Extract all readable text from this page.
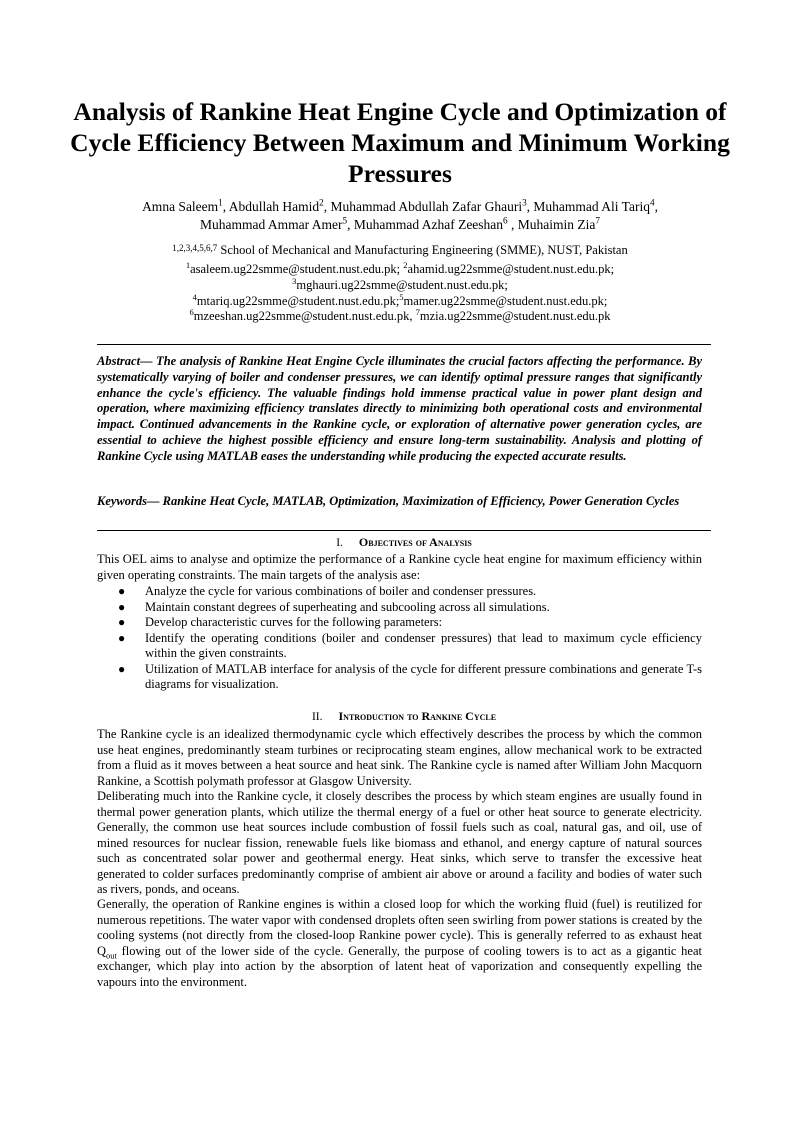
Analysis of Rankine Heat Engine Cycle and Optimization of Cycle Efficiency Between Maximum and Minimum Working Pressures
Amna Saleem$^1$, Abdullah Hamid$^2$, Muhammad Abdullah Zafar Ghauri$^3$, Muhammad Ali Tariq$^4$,
Muhammad Ammar Amer$^5$, Muhammad Azhaf Zeeshan$^6$ , Muhaimin Zia$^7$
$^{1,2,3,4,5,6,7}$ School of Mechanical and Manufacturing Engineering (SMME), NUST, Pakistan
$^1$asaleem.ug22smme@student.nust.edu.pk; $^2$ahamid.ug22smme@student.nust.edu.pk;
$^3$mghauri.ug22smme@student.nust.edu.pk;
$^4$mtariq.ug22smme@student.nust.edu.pk;$^5$mamer.ug22smme@student.nust.edu.pk;
$^6$mzeeshan.ug22smme@student.nust.edu.pk, $^7$mzia.ug22smme@student.nust.edu.pk

Abstract— The analysis of Rankine Heat Engine Cycle illuminates the crucial factors affecting the performance. By systematically varying of boiler and condenser pressures, we can identify optimal pressure ranges that significantly enhance the cycle's efficiency. The valuable findings hold immense practical value in power plant design and operation, where maximizing efficiency translates directly to minimizing both operational costs and environmental impact. Continued advancements in the Rankine cycle, or exploration of alternative power generation cycles, are essential to achieve the highest possible efficiency and ensure long-term sustainability. Analysis and plotting of Rankine Cycle using MATLAB eases the understanding while producing the expected accurate results.

Keywords— Rankine Heat Cycle, MATLAB, Optimization, Maximization of Efficiency, Power Generation Cycles

I. Objectives of Analysis

This OEL aims to analyse and optimize the performance of a Rankine cycle heat engine for maximum efficiency within given operating constraints. The main targets of the analysis ase:

● Analyze the cycle for various combinations of boiler and condenser pressures.
● Maintain constant degrees of superheating and subcooling across all simulations.
● Develop characteristic curves for the following parameters:
● Identify the operating conditions (boiler and condenser pressures) that lead to maximum cycle efficiency within the given constraints.
● Utilization of MATLAB interface for analysis of the cycle for different pressure combinations and generate T-s diagrams for visualization.
II. Introduction to Rankine Cycle

The Rankine cycle is an idealized thermodynamic cycle which effectively describes the process by which the common use heat engines, predominantly steam turbines or reciprocating steam engines, allow mechanical work to be extracted from a fluid as it moves between a heat source and heat sink. The Rankine cycle is named after William John Macquorn Rankine, a Scottish polymath professor at Glasgow University.

Deliberating much into the Rankine cycle, it closely describes the process by which steam engines are usually found in thermal power generation plants, which utilize the thermal energy of a fuel or other heat source to generate electricity. Generally, the common use heat sources include combustion of fossil fuels such as coal, natural gas, and oil, use of mined resources for nuclear fission, renewable fuels like biomass and ethanol, and energy capture of natural sources such as concentrated solar power and geothermal energy. Heat sinks, which serve to transfer the excessive heat generated to colder surfaces predominantly comprise of ambient air above or around a facility and bodies of water such as rivers, ponds, and oceans.

Generally, the operation of Rankine engines is within a closed loop for which the working fluid (fuel) is reutilized for numerous repetitions. The water vapor with condensed droplets often seen swirling from power stations is created by the cooling systems (not directly from the closed-loop Rankine power cycle). This is generally referred to as exhaust heat $Q_{out}$ flowing out of the lower side of the cycle. Generally, the purpose of cooling towers is to act as a gigantic heat exchanger, which play into action by the absorption of latent heat of vaporization and consequently expelling the vapours into the environment.
